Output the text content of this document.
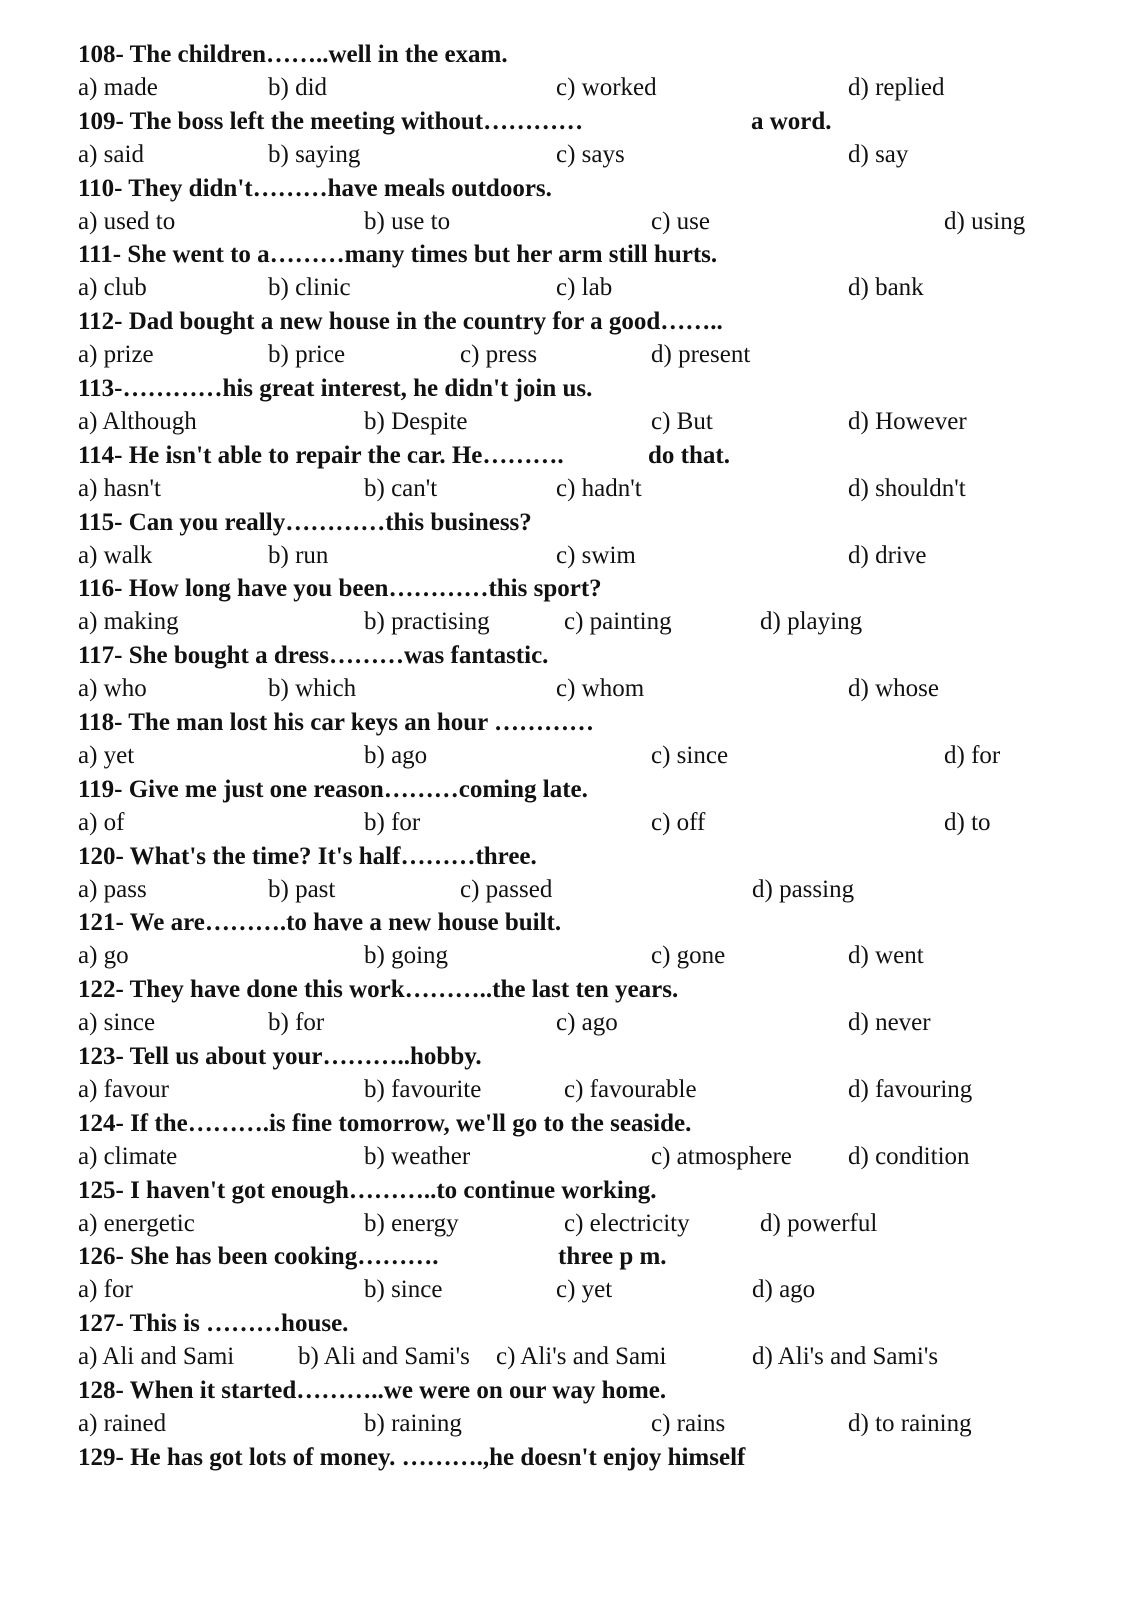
108- The children……..well in the exam.
a) made	b) did	c) worked	d) replied
109- The boss left the meeting without…………	a word.
a) said	b) saying	c) says	d) say
110- They didn't………have meals outdoors.
a) used to	b) use to	c) use	d) using
111- She went to a………many times but her arm still hurts.
a) club	b) clinic	c) lab	d) bank
112- Dad bought a new house in the country for a good……..
a) prize	b) price	c) press	d) present
113-…………his great interest, he didn't join us.
a) Although	b) Despite	c) But	d) However
114- He isn't able to repair the car. He……….	do that.
a) hasn't	b) can't	c) hadn't	d) shouldn't
115- Can you really…………this business?
a) walk	b) run	c) swim	d) drive
116- How long have you been…………this sport?
a) making	b) practising	c) painting	d) playing
117- She bought a dress………was fantastic.
a) who	b) which	c) whom	d) whose
118- The man lost his car keys an hour …………
a) yet	b) ago	c) since	d) for
119- Give me just one reason………coming late.
a) of	b) for	c) off	d) to
120- What's the time? It's half………three.
a) pass	b) past	c) passed	d) passing
121- We are……….to have a new house built.
a) go	b) going	c) gone	d) went
122- They have done this work………..the last ten years.
a) since	b) for	c) ago	d) never
123- Tell us about your………..hobby.
a) favour	b) favourite	c) favourable	d) favouring
124- If the……….is fine tomorrow, we'll go to the seaside.
a) climate	b) weather	c) atmosphere d) condition
125- I haven't got enough………..to continue working.
a) energetic	b) energy	c) electricity	d) powerful
126- She has been cooking……….	three p m.
a) for	b) since	c) yet	d) ago
127- This is ………house.
a) Ali and Sami	b) Ali and Sami's c) Ali's and Sami	d) Ali's and Sami's
128- When it started………..we were on our way home.
a) rained	b) raining	c) rains	d) to raining
129- He has got lots of money. ……….,he doesn't enjoy himself
